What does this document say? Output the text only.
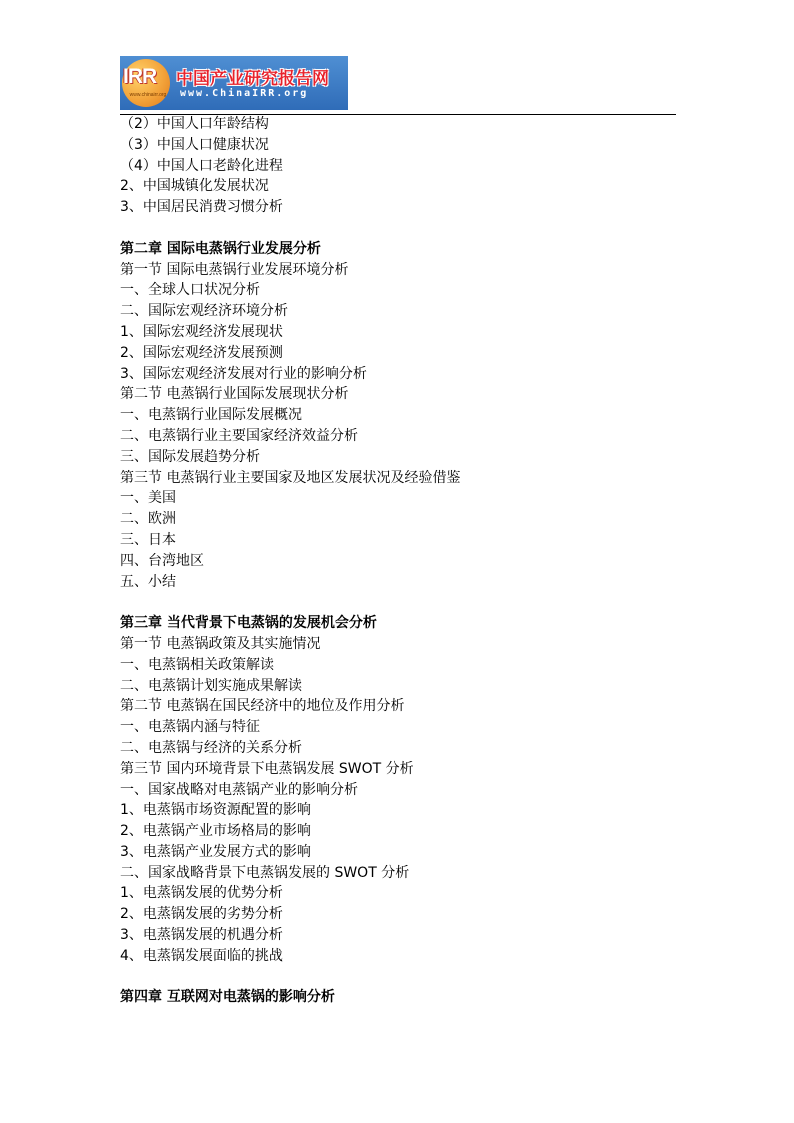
IRR
www.chinairr.org
中国产业研究报告网
www.ChinaIRR.org
（2）中国人口年龄结构
（3）中国人口健康状况
（4）中国人口老龄化进程
2、中国城镇化发展状况
3、中国居民消费习惯分析
第二章 国际电蒸锅行业发展分析
第一节 国际电蒸锅行业发展环境分析
一、全球人口状况分析
二、国际宏观经济环境分析
1、国际宏观经济发展现状
2、国际宏观经济发展预测
3、国际宏观经济发展对行业的影响分析
第二节 电蒸锅行业国际发展现状分析
一、电蒸锅行业国际发展概况
二、电蒸锅行业主要国家经济效益分析
三、国际发展趋势分析
第三节 电蒸锅行业主要国家及地区发展状况及经验借鉴
一、美国
二、欧洲
三、日本
四、台湾地区
五、小结
第三章 当代背景下电蒸锅的发展机会分析
第一节 电蒸锅政策及其实施情况
一、电蒸锅相关政策解读
二、电蒸锅计划实施成果解读
第二节 电蒸锅在国民经济中的地位及作用分析
一、电蒸锅内涵与特征
二、电蒸锅与经济的关系分析
第三节 国内环境背景下电蒸锅发展 SWOT 分析
一、国家战略对电蒸锅产业的影响分析
1、电蒸锅市场资源配置的影响
2、电蒸锅产业市场格局的影响
3、电蒸锅产业发展方式的影响
二、国家战略背景下电蒸锅发展的 SWOT 分析
1、电蒸锅发展的优势分析
2、电蒸锅发展的劣势分析
3、电蒸锅发展的机遇分析
4、电蒸锅发展面临的挑战
第四章 互联网对电蒸锅的影响分析
